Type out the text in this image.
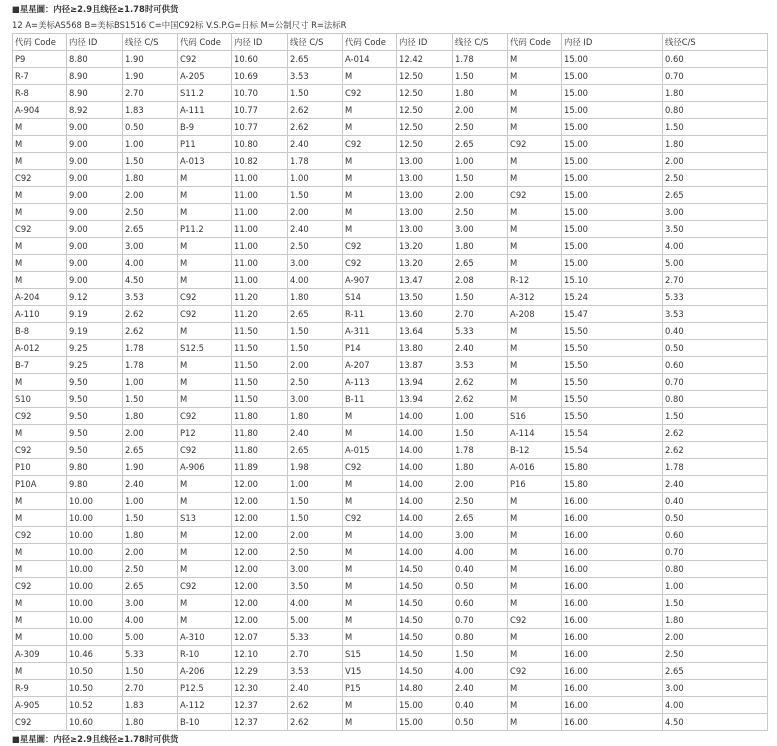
■星星圖：内径≥2.9且线径≥1.78时可供货
12 A=美标AS568 B=美标BS1516 C=中国C92标 V.S.P.G=日标 M=公制尺寸 R=法标R
代码 Code	内径 ID	线径 C/S	代码 Code	内径 ID	线径 C/S	代码 Code	内径 ID	线径 C/S	代码 Code	内径 ID	线径C/S
P9	8.80	1.90	C92	10.60	2.65	A-014	12.42	1.78	M	15.00	0.60
R-7	8.90	1.90	A-205	10.69	3.53	M	12.50	1.50	M	15.00	0.70
R-8	8.90	2.70	S11.2	10.70	1.50	C92	12.50	1.80	M	15.00	1.80
A-904	8.92	1.83	A-111	10.77	2.62	M	12.50	2.00	M	15.00	0.80
M	9.00	0.50	B-9	10.77	2.62	M	12.50	2.50	M	15.00	1.50
M	9.00	1.00	P11	10.80	2.40	C92	12.50	2.65	C92	15.00	1.80
M	9.00	1.50	A-013	10.82	1.78	M	13.00	1.00	M	15.00	2.00
C92	9.00	1.80	M	11.00	1.00	M	13.00	1.50	M	15.00	2.50
M	9.00	2.00	M	11.00	1.50	M	13.00	2.00	C92	15.00	2.65
M	9.00	2.50	M	11.00	2.00	M	13.00	2.50	M	15.00	3.00
C92	9.00	2.65	P11.2	11.00	2.40	M	13.00	3.00	M	15.00	3.50
M	9.00	3.00	M	11.00	2.50	C92	13.20	1.80	M	15.00	4.00
M	9.00	4.00	M	11.00	3.00	C92	13.20	2.65	M	15.00	5.00
M	9.00	4.50	M	11.00	4.00	A-907	13.47	2.08	R-12	15.10	2.70
A-204	9.12	3.53	C92	11.20	1.80	S14	13.50	1.50	A-312	15.24	5.33
A-110	9.19	2.62	C92	11.20	2.65	R-11	13.60	2.70	A-208	15.47	3.53
B-8	9.19	2.62	M	11.50	1.50	A-311	13.64	5.33	M	15.50	0.40
A-012	9.25	1.78	S12.5	11.50	1.50	P14	13.80	2.40	M	15.50	0.50
B-7	9.25	1.78	M	11.50	2.00	A-207	13.87	3.53	M	15.50	0.60
M	9.50	1.00	M	11.50	2.50	A-113	13.94	2.62	M	15.50	0.70
S10	9.50	1.50	M	11.50	3.00	B-11	13.94	2.62	M	15.50	0.80
C92	9.50	1.80	C92	11.80	1.80	M	14.00	1.00	S16	15.50	1.50
M	9.50	2.00	P12	11.80	2.40	M	14.00	1.50	A-114	15.54	2.62
C92	9.50	2.65	C92	11.80	2.65	A-015	14.00	1.78	B-12	15.54	2.62
P10	9.80	1.90	A-906	11.89	1.98	C92	14.00	1.80	A-016	15.80	1.78
P10A	9.80	2.40	M	12.00	1.00	M	14.00	2.00	P16	15.80	2.40
M	10.00	1.00	M	12.00	1.50	M	14.00	2.50	M	16.00	0.40
M	10.00	1.50	S13	12.00	1.50	C92	14.00	2.65	M	16.00	0.50
C92	10.00	1.80	M	12.00	2.00	M	14.00	3.00	M	16.00	0.60
M	10.00	2.00	M	12.00	2.50	M	14.00	4.00	M	16.00	0.70
M	10.00	2.50	M	12.00	3.00	M	14.50	0.40	M	16.00	0.80
C92	10.00	2.65	C92	12.00	3.50	M	14.50	0.50	M	16.00	1.00
M	10.00	3.00	M	12.00	4.00	M	14.50	0.60	M	16.00	1.50
M	10.00	4.00	M	12.00	5.00	M	14.50	0.70	C92	16.00	1.80
M	10.00	5.00	A-310	12.07	5.33	M	14.50	0.80	M	16.00	2.00
A-309	10.46	5.33	R-10	12.10	2.70	S15	14.50	1.50	M	16.00	2.50
M	10.50	1.50	A-206	12.29	3.53	V15	14.50	4.00	C92	16.00	2.65
R-9	10.50	2.70	P12.5	12.30	2.40	P15	14.80	2.40	M	16.00	3.00
A-905	10.52	1.83	A-112	12.37	2.62	M	15.00	0.40	M	16.00	4.00
C92	10.60	1.80	B-10	12.37	2.62	M	15.00	0.50	M	16.00	4.50
■星星圖：内径≥2.9且线径≥1.78时可供货
